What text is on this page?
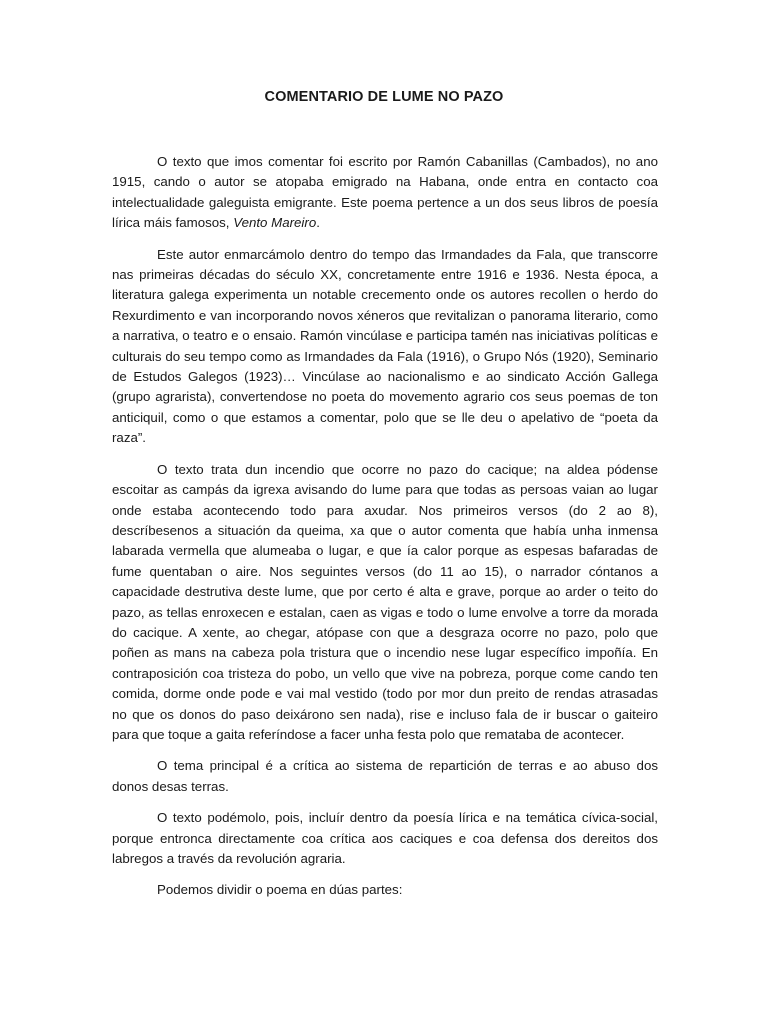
COMENTARIO DE LUME NO PAZO

O texto que imos comentar foi escrito por Ramón Cabanillas (Cambados), no ano 1915, cando o autor se atopaba emigrado na Habana, onde entra en contacto coa intelectualidade galeguista emigrante. Este poema pertence a un dos seus libros de poesía lírica máis famosos, Vento Mareiro.

Este autor enmarcámolo dentro do tempo das Irmandades da Fala, que transcorre nas primeiras décadas do século XX, concretamente entre 1916 e 1936. Nesta época, a literatura galega experimenta un notable crecemento onde os autores recollen o herdo do Rexurdimento e van incorporando novos xéneros que revitalizan o panorama literario, como a narrativa, o teatro e o ensaio. Ramón vincúlase e participa tamén nas iniciativas políticas e culturais do seu tempo como as Irmandades da Fala (1916), o Grupo Nós (1920), Seminario de Estudos Galegos (1923)… Vincúlase ao nacionalismo e ao sindicato Acción Gallega (grupo agrarista), convertendose no poeta do movemento agrario cos seus poemas de ton anticiquil, como o que estamos a comentar, polo que se lle deu o apelativo de “poeta da raza”.

O texto trata dun incendio que ocorre no pazo do cacique; na aldea pódense escoitar as campás da igrexa avisando do lume para que todas as persoas vaian ao lugar onde estaba acontecendo todo para axudar. Nos primeiros versos (do 2 ao 8), descríbesenos a situación da queima, xa que o autor comenta que había unha inmensa labarada vermella que alumeaba o lugar, e que ía calor porque as espesas bafaradas de fume quentaban o aire. Nos seguintes versos (do 11 ao 15), o narrador cóntanos a capacidade destrutiva deste lume, que por certo é alta e grave, porque ao arder o teito do pazo, as tellas enroxecen e estalan, caen as vigas e todo o lume envolve a torre da morada do cacique. A xente, ao chegar, atópase con que a desgraza ocorre no pazo, polo que poñen as mans na cabeza pola tristura que o incendio nese lugar específico impoñía. En contraposición coa tristeza do pobo, un vello que vive na pobreza, porque come cando ten comida, dorme onde pode e vai mal vestido (todo por mor dun preito de rendas atrasadas no que os donos do paso deixárono sen nada), rise e incluso fala de ir buscar o gaiteiro para que toque a gaita referíndose a facer unha festa polo que remataba de acontecer.

O tema principal é a crítica ao sistema de repartición de terras e ao abuso dos donos desas terras.

O texto podémolo, pois, incluír dentro da poesía lírica e na temática cívica-social, porque entronca directamente coa crítica aos caciques e coa defensa dos dereitos dos labregos a través da revolución agraria.

Podemos dividir o poema en dúas partes:
